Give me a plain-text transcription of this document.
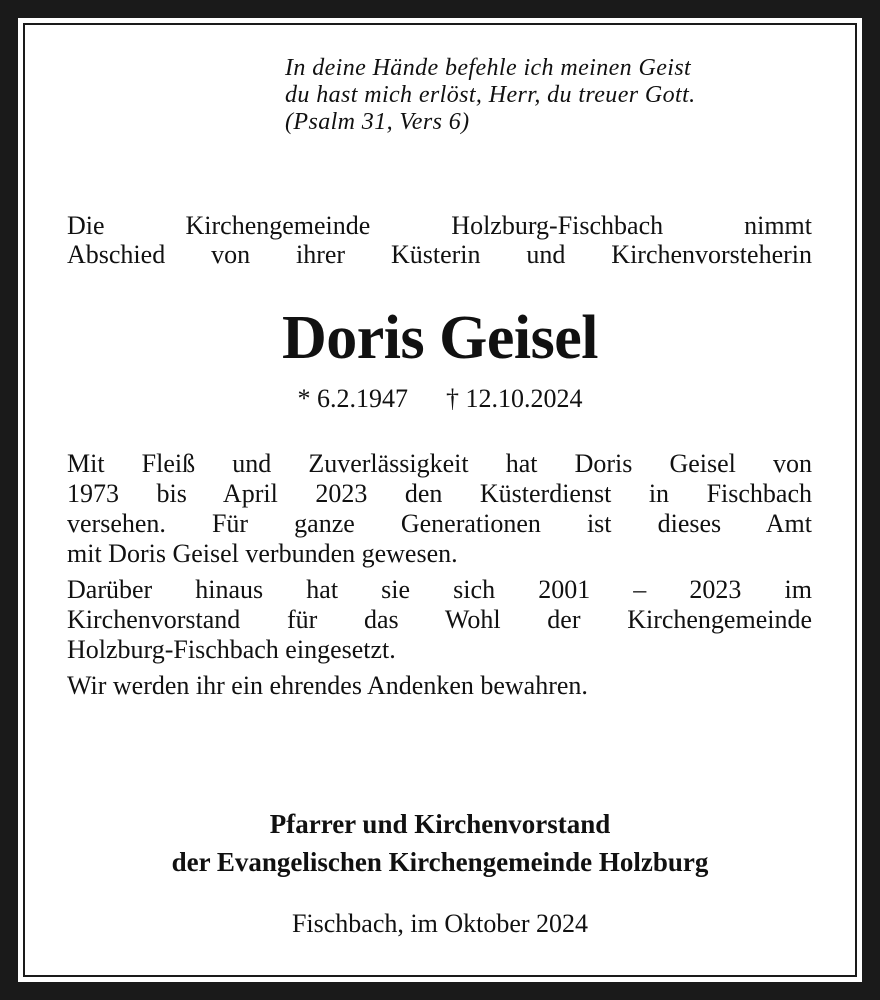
In deine Hände befehle ich meinen Geist
du hast mich erlöst, Herr, du treuer Gott.
(Psalm 31, Vers 6)
Die Kirchengemeinde Holzburg-Fischbach nimmt
Abschied von ihrer Küsterin und Kirchenvorsteherin
Doris Geisel
* 6.2.1947 † 12.10.2024
Mit Fleiß und Zuverlässigkeit hat Doris Geisel von
1973 bis April 2023 den Küsterdienst in Fischbach
versehen. Für ganze Generationen ist dieses Amt
mit Doris Geisel verbunden gewesen.
Darüber hinaus hat sie sich 2001 – 2023 im
Kirchenvorstand für das Wohl der Kirchengemeinde
Holzburg-Fischbach eingesetzt.
Wir werden ihr ein ehrendes Andenken bewahren.
Pfarrer und Kirchenvorstand
der Evangelischen Kirchengemeinde Holzburg
Fischbach, im Oktober 2024
